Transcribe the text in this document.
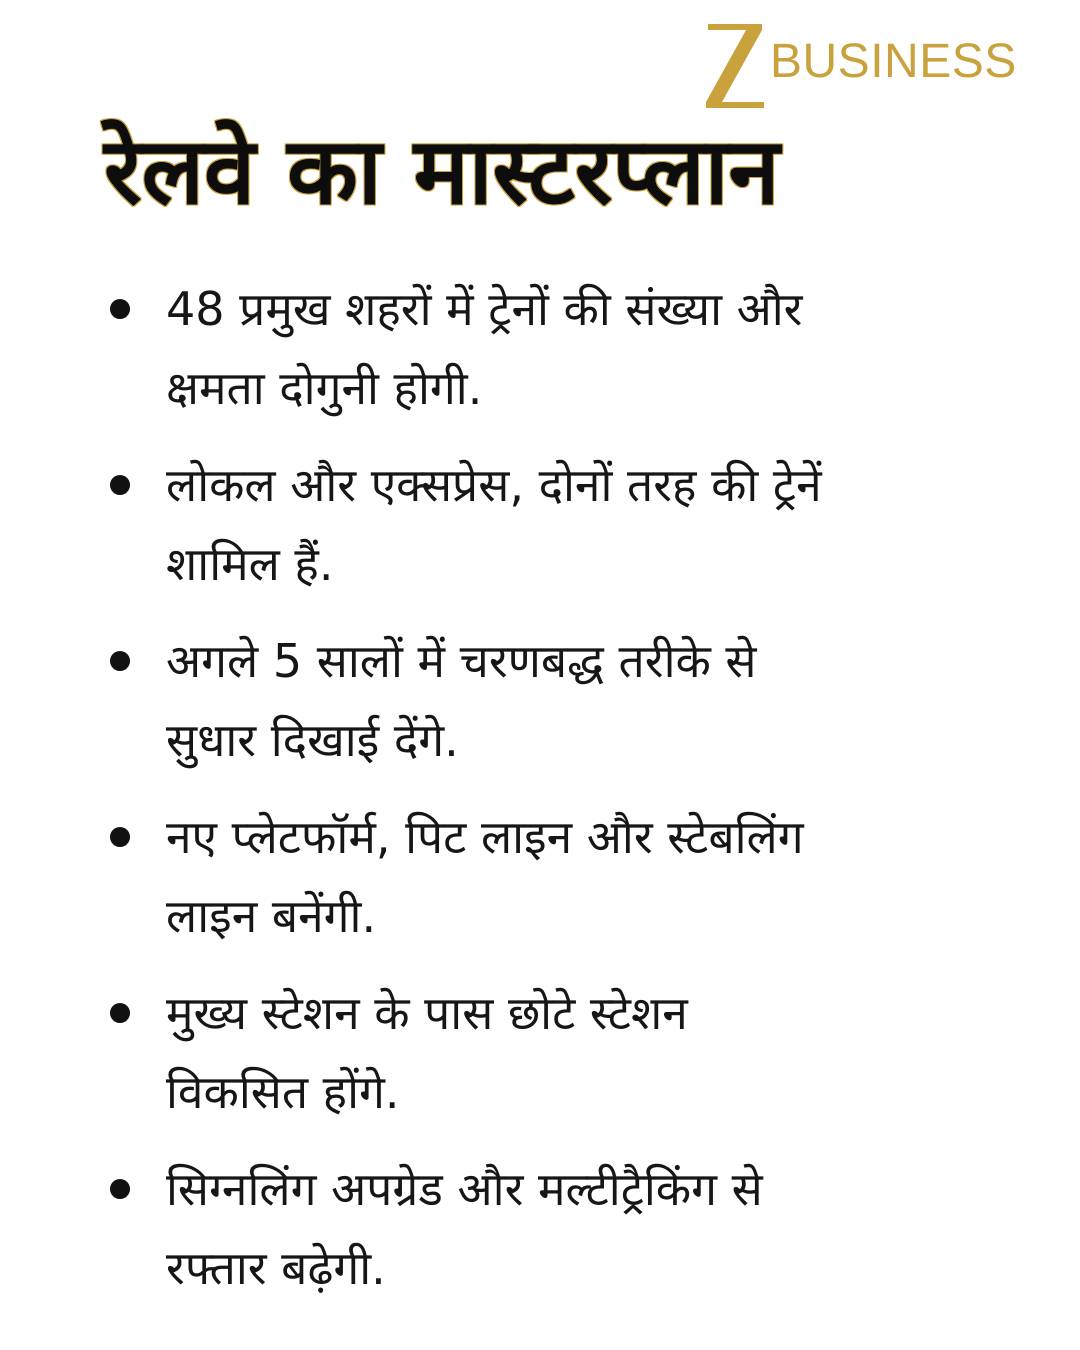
BUSINESS
रेलवे का मास्टरप्लान
48 प्रमुख शहरों में ट्रेनों की संख्या और
क्षमता दोगुनी होगी.
लोकल और एक्सप्रेस, दोनों तरह की ट्रेनें
शामिल हैं.
अगले 5 सालों में चरणबद्ध तरीके से
सुधार दिखाई देंगे.
नए प्लेटफॉर्म, पिट लाइन और स्टेबलिंग
लाइन बनेंगी.
मुख्य स्टेशन के पास छोटे स्टेशन
विकसित होंगे.
सिग्नलिंग अपग्रेड और मल्टीट्रैकिंग से
रफ्तार बढ़ेगी.
